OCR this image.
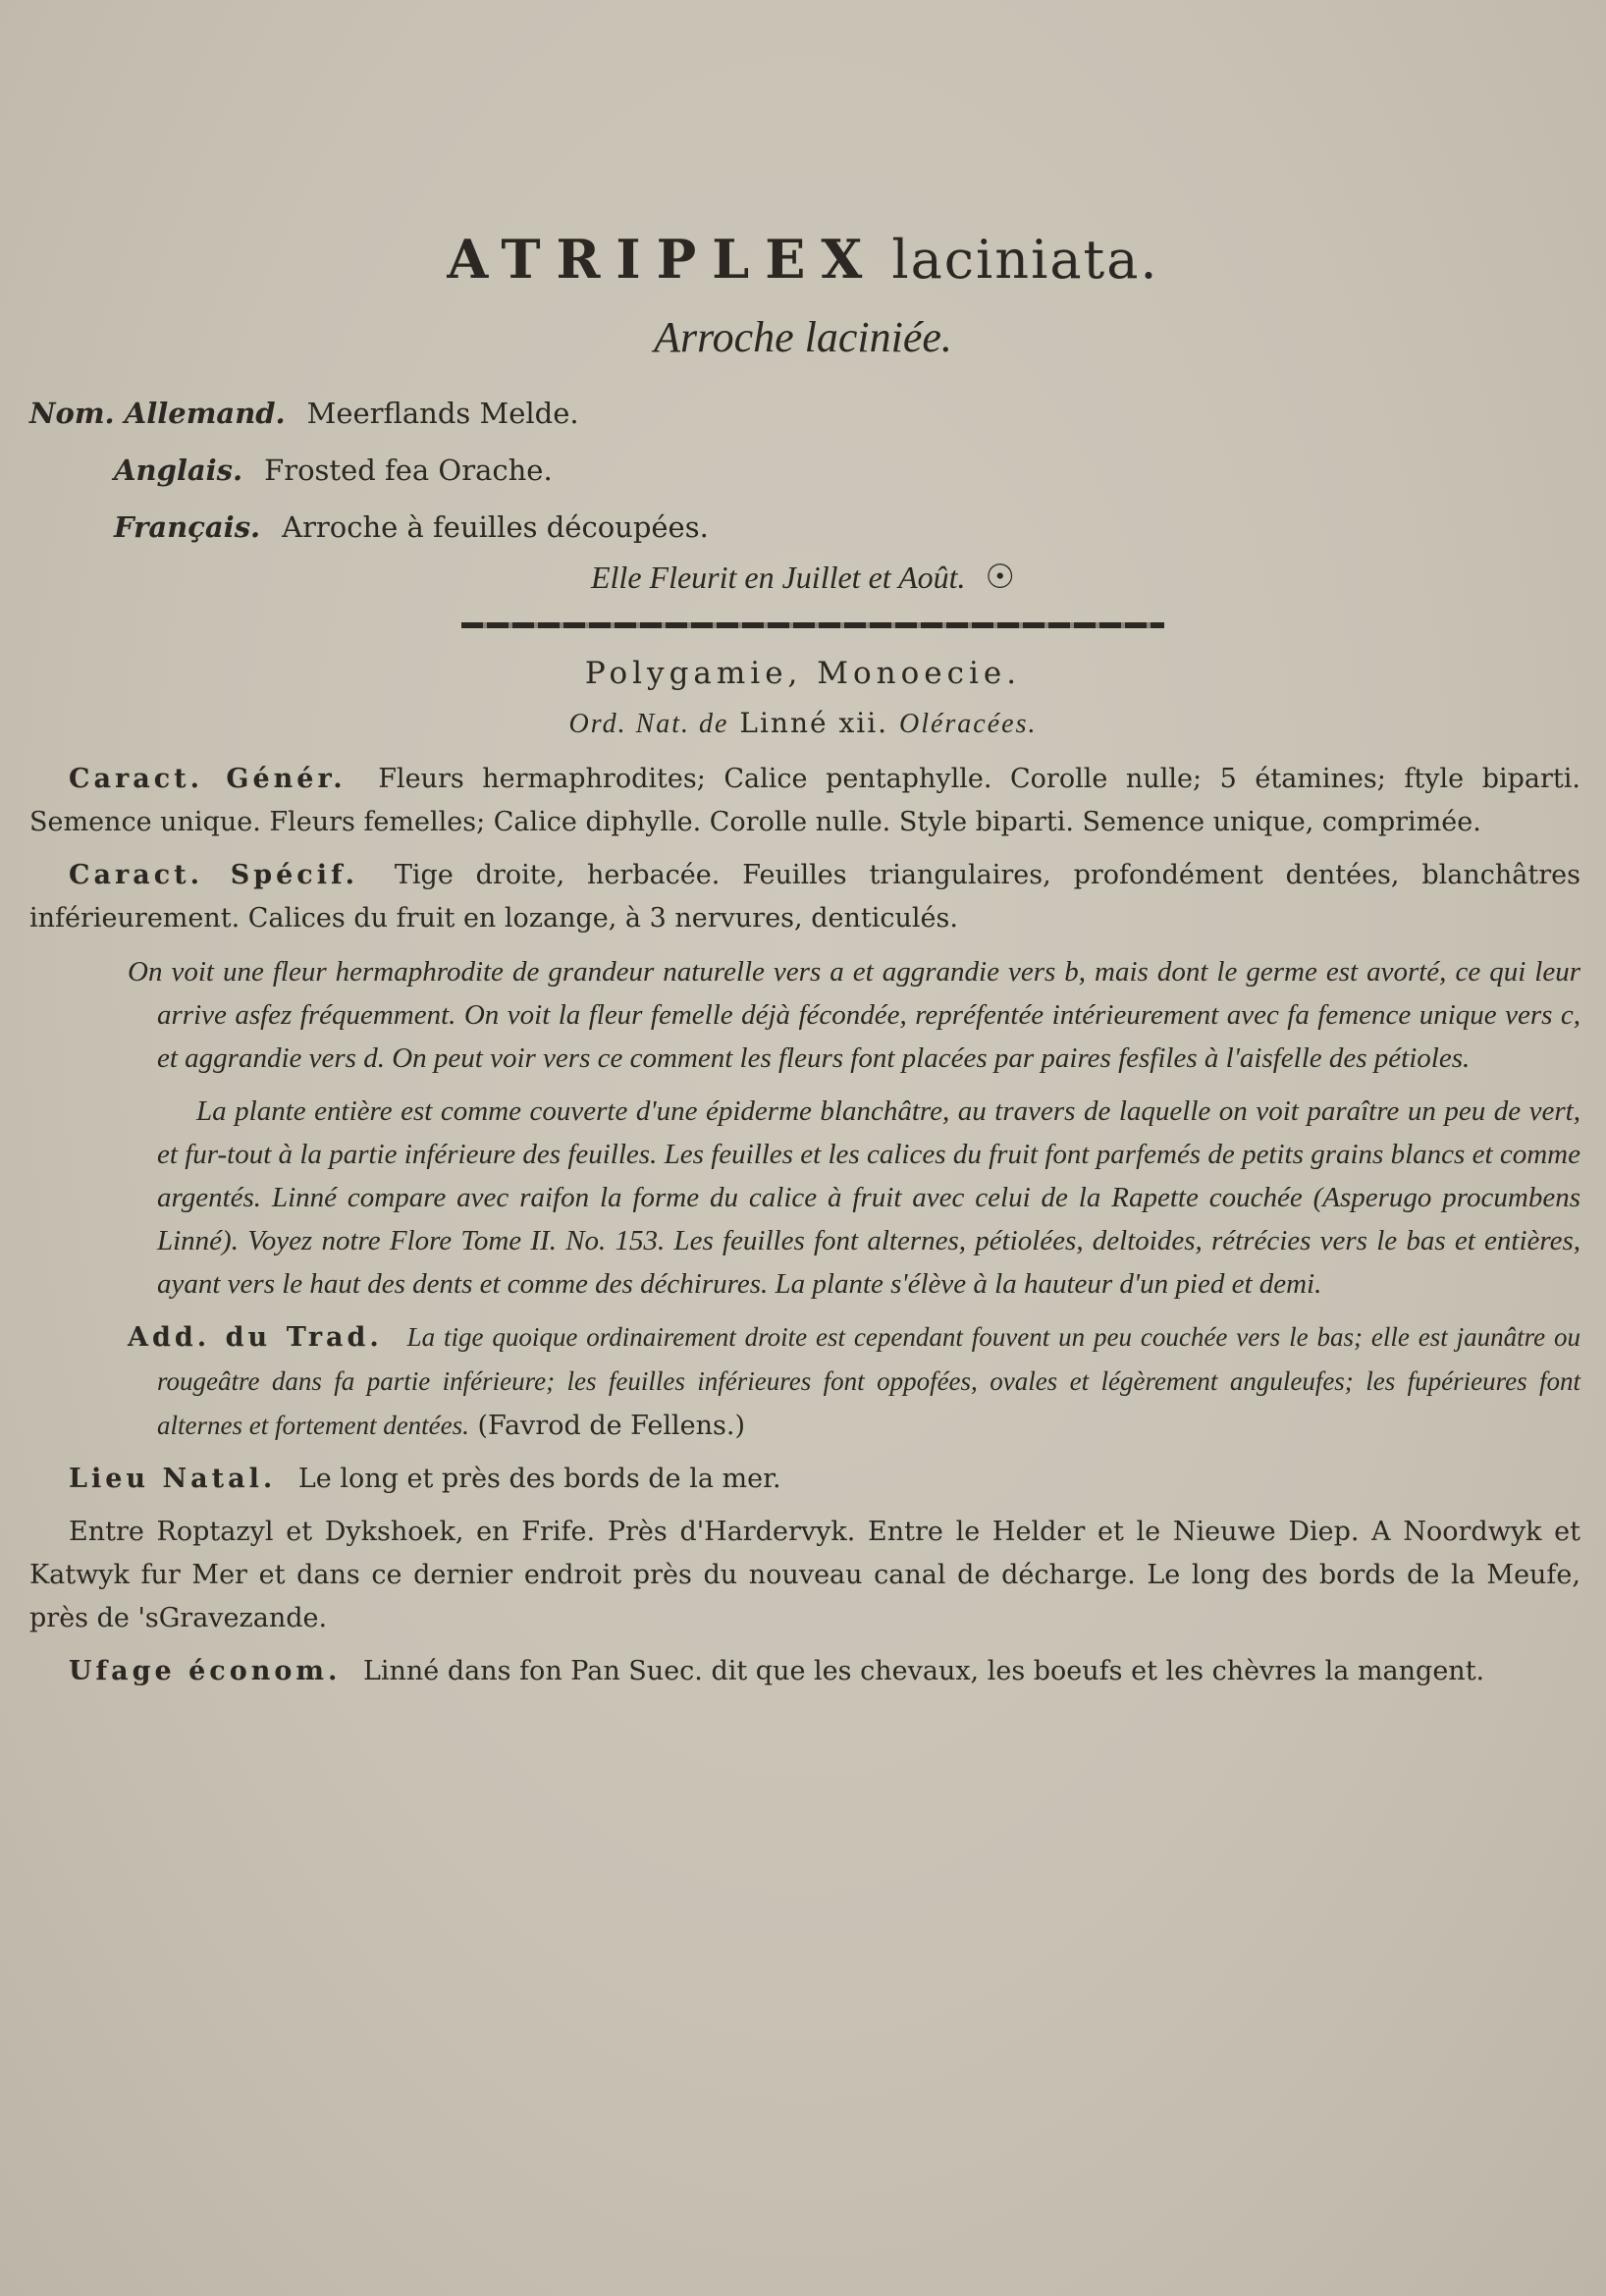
ATRIPLEX laciniata.
Arroche laciniée.
Nom. Allemand. Meerflands Melde.
Anglais. Frosted fea Orache.
Français. Arroche à feuilles découpées.
Elle Fleurit en Juillet et Août. ☉
Polygamie, Monoecie.
Ord. Nat. de Linné xii. Oléracées.

Caract. Génér. Fleurs hermaphrodites; Calice pentaphylle. Corolle nulle; 5 étamines; ftyle biparti. Semence unique. Fleurs femelles; Calice diphylle. Corolle nulle. Style biparti. Semence unique, comprimée.

Caract. Spécif. Tige droite, herbacée. Feuilles triangulaires, profondément dentées, blanchâtres inférieurement. Calices du fruit en lozange, à 3 nervures, denticulés.

On voit une fleur hermaphrodite de grandeur naturelle vers a et aggrandie vers b, mais dont le germe est avorté, ce qui leur arrive asfez fréquemment. On voit la fleur femelle déjà fécondée, repréfentée intérieurement avec fa femence unique vers c, et aggrandie vers d. On peut voir vers ce comment les fleurs font placées par paires fesfiles à l'aisfelle des pétioles.

La plante entière est comme couverte d'une épiderme blanchâtre, au travers de laquelle on voit paraître un peu de vert, et fur-tout à la partie inférieure des feuilles. Les feuilles et les calices du fruit font parfemés de petits grains blancs et comme argentés. Linné compare avec raifon la forme du calice à fruit avec celui de la Rapette couchée (Asperugo procumbens Linné). Voyez notre Flore Tome II. No. 153. Les feuilles font alternes, pétiolées, deltoides, rétrécies vers le bas et entières, ayant vers le haut des dents et comme des déchirures. La plante s'élève à la hauteur d'un pied et demi.

Add. du Trad. La tige quoique ordinairement droite est cependant fouvent un peu couchée vers le bas; elle est jaunâtre ou rougeâtre dans fa partie inférieure; les feuilles inférieures font oppofées, ovales et légèrement anguleufes; les fupérieures font alternes et fortement dentées. (Favrod de Fellens.)

Lieu Natal. Le long et près des bords de la mer.

Entre Roptazyl et Dykshoek, en Frife. Près d'Hardervyk. Entre le Helder et le Nieuwe Diep. A Noordwyk et Katwyk fur Mer et dans ce dernier endroit près du nouveau canal de décharge. Le long des bords de la Meufe, près de 'sGravezande.

Ufage économ. Linné dans fon Pan Suec. dit que les chevaux, les boeufs et les chèvres la mangent.
